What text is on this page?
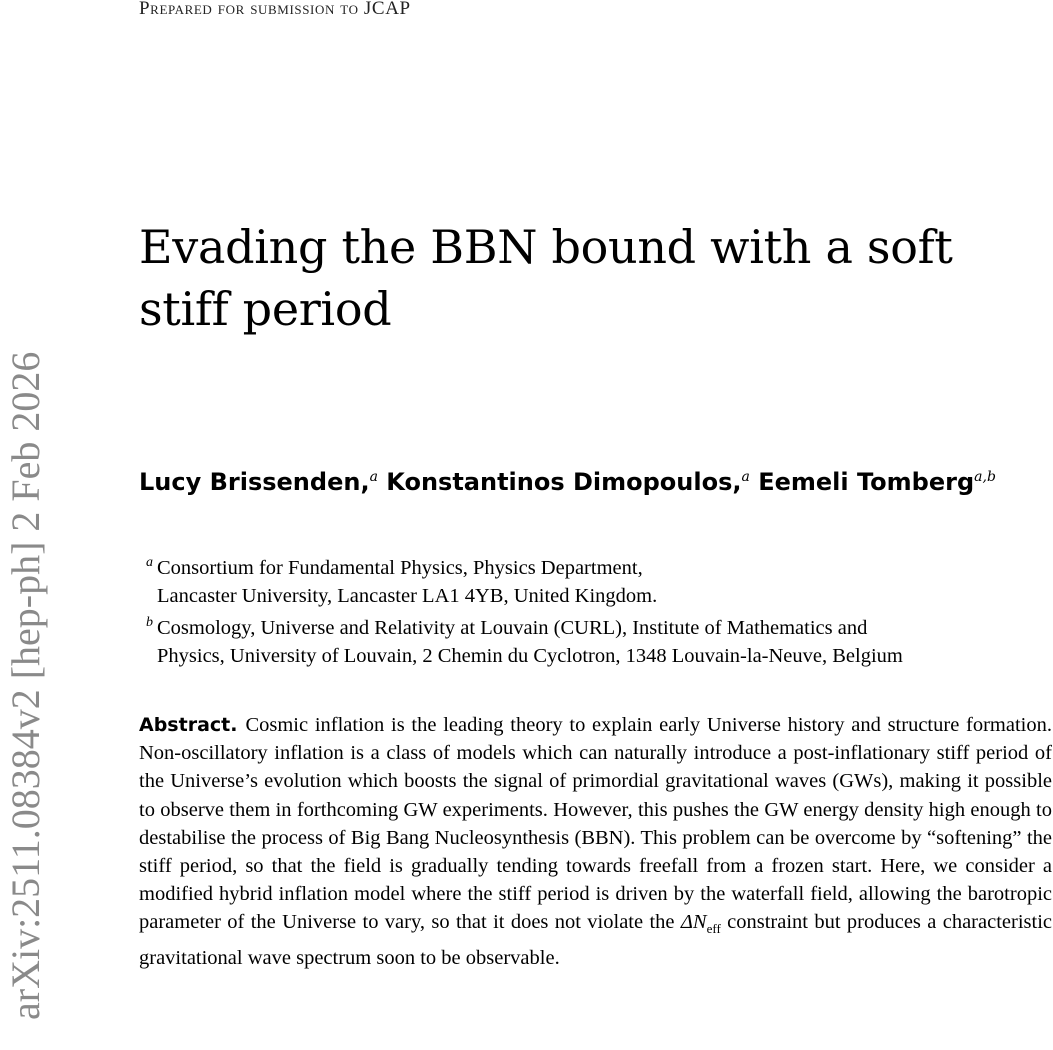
Prepared for submission to JCAP
arXiv:2511.08384v2 [hep-ph] 2 Feb 2026
Evading the BBN bound with a soft
stiff period
Lucy Brissenden,$^a$ Konstantinos Dimopoulos,$^a$ Eemeli Tomberg$^{a,b}$
a Consortium for Fundamental Physics, Physics Department,
Lancaster University, Lancaster LA1 4YB, United Kingdom.
b Cosmology, Universe and Relativity at Louvain (CURL), Institute of Mathematics and
Physics, University of Louvain, 2 Chemin du Cyclotron, 1348 Louvain-la-Neuve, Belgium
Abstract. Cosmic inflation is the leading theory to explain early Universe history and structure formation. Non-oscillatory inflation is a class of models which can naturally introduce a post-inflationary stiff period of the Universe’s evolution which boosts the signal of primordial gravitational waves (GWs), making it possible to observe them in forthcoming GW experiments. However, this pushes the GW energy density high enough to destabilise the process of Big Bang Nucleosynthesis (BBN). This problem can be overcome by “softening” the stiff period, so that the field is gradually tending towards freefall from a frozen start. Here, we consider a modified hybrid inflation model where the stiff period is driven by the waterfall field, allowing the barotropic parameter of the Universe to vary, so that it does not violate the $\Delta N_{eff}$ constraint but produces a characteristic gravitational wave spectrum soon to be observable.
